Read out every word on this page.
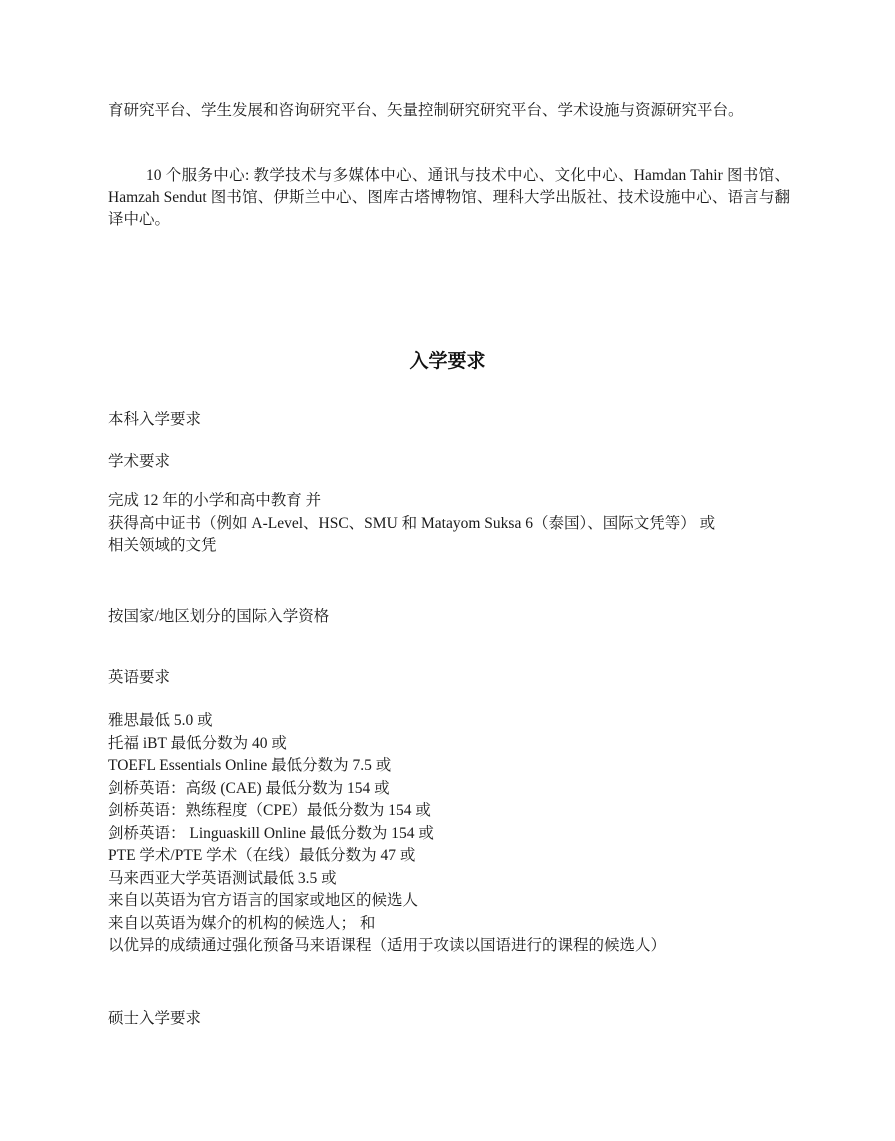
育研究平台、学生发展和咨询研究平台、矢量控制研究研究平台、学术设施与资源研究平台。

10 个服务中心: 教学技术与多媒体中心、通讯与技术中心、文化中心、Hamdan Tahir 图书馆、Hamzah Sendut 图书馆、伊斯兰中心、图库古塔博物馆、理科大学出版社、技术设施中心、语言与翻译中心。

入学要求
本科入学要求
学术要求
完成 12 年的小学和高中教育 并
获得高中证书（例如 A-Level、HSC、SMU 和 Matayom Suksa 6（泰国）、国际文凭等） 或
相关领域的文凭
按国家/地区划分的国际入学资格
英语要求
雅思最低 5.0 或
托福 iBT 最低分数为 40 或
TOEFL Essentials Online 最低分数为 7.5 或
剑桥英语：高级 (CAE) 最低分数为 154 或
剑桥英语：熟练程度（CPE）最低分数为 154 或
剑桥英语： Linguaskill Online 最低分数为 154 或
PTE 学术/PTE 学术（在线）最低分数为 47 或
马来西亚大学英语测试最低 3.5 或
来自以英语为官方语言的国家或地区的候选人
来自以英语为媒介的机构的候选人； 和
以优异的成绩通过强化预备马来语课程（适用于攻读以国语进行的课程的候选人）
硕士入学要求
